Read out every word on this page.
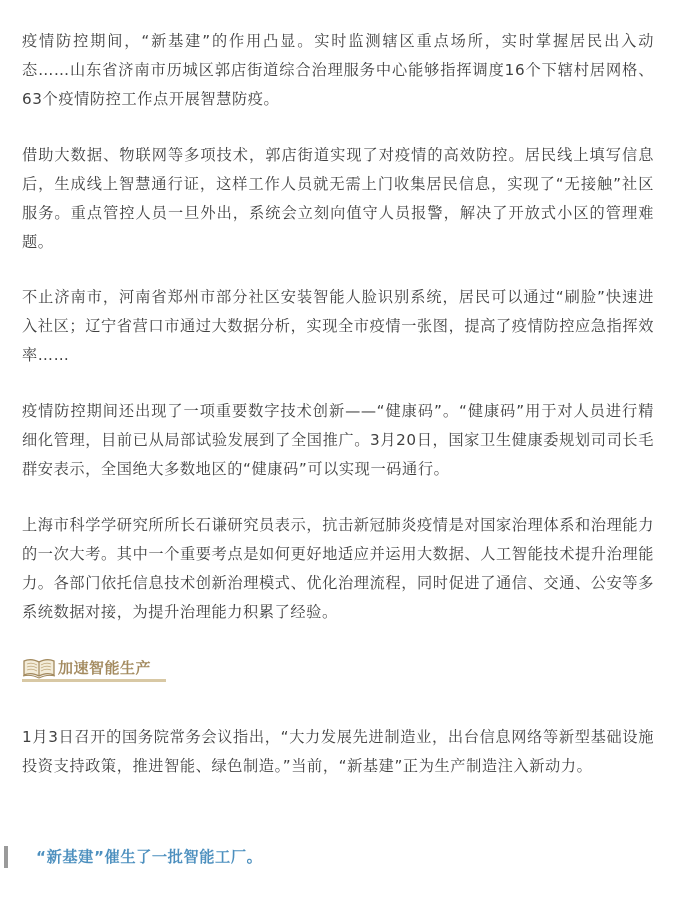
疫情防控期间，“新基建”的作用凸显。实时监测辖区重点场所，实时掌握居民出入动态……山东省济南市历城区郭店街道综合治理服务中心能够指挥调度16个下辖村居网格、63个疫情防控工作点开展智慧防疫。

借助大数据、物联网等多项技术，郭店街道实现了对疫情的高效防控。居民线上填写信息后，生成线上智慧通行证，这样工作人员就无需上门收集居民信息，实现了“无接触”社区服务。重点管控人员一旦外出，系统会立刻向值守人员报警，解决了开放式小区的管理难题。

不止济南市，河南省郑州市部分社区安装智能人脸识别系统，居民可以通过“刷脸”快速进入社区；辽宁省营口市通过大数据分析，实现全市疫情一张图，提高了疫情防控应急指挥效率……

疫情防控期间还出现了一项重要数字技术创新——“健康码”。“健康码”用于对人员进行精细化管理，目前已从局部试验发展到了全国推广。3月20日，国家卫生健康委规划司司长毛群安表示，全国绝大多数地区的“健康码”可以实现一码通行。

上海市科学学研究所所长石谦研究员表示，抗击新冠肺炎疫情是对国家治理体系和治理能力的一次大考。其中一个重要考点是如何更好地适应并运用大数据、人工智能技术提升治理能力。各部门依托信息技术创新治理模式、优化治理流程，同时促进了通信、交通、公安等多系统数据对接，为提升治理能力积累了经验。

加速智能生产

1月3日召开的国务院常务会议指出，“大力发展先进制造业，出台信息网络等新型基础设施投资支持政策，推进智能、绿色制造。”当前，“新基建”正为生产制造注入新动力。

“新基建”催生了一批智能工厂。
